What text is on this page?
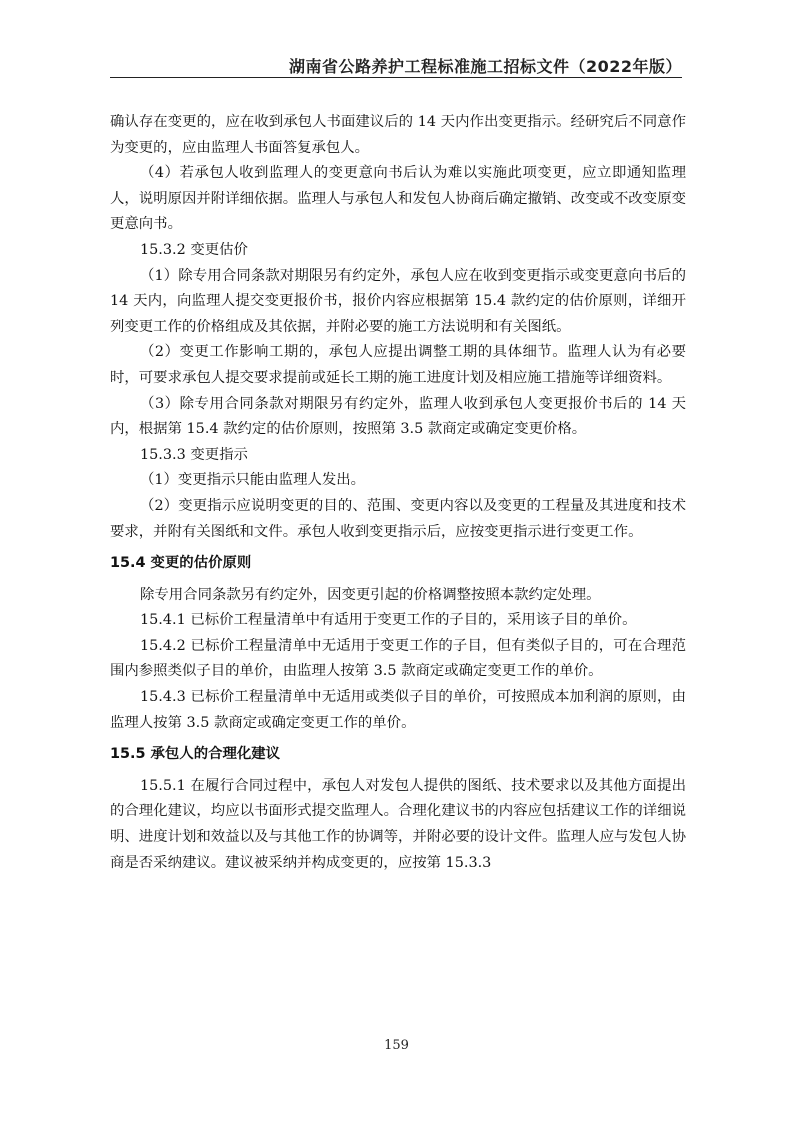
湖南省公路养护工程标准施工招标文件（2022年版）

确认存在变更的，应在收到承包人书面建议后的 14 天内作出变更指示。经研究后不同意作为变更的，应由监理人书面答复承包人。

（4）若承包人收到监理人的变更意向书后认为难以实施此项变更，应立即通知监理人，说明原因并附详细依据。监理人与承包人和发包人协商后确定撤销、改变或不改变原变更意向书。

15.3.2 变更估价

（1）除专用合同条款对期限另有约定外，承包人应在收到变更指示或变更意向书后的 14 天内，向监理人提交变更报价书，报价内容应根据第 15.4 款约定的估价原则，详细开列变更工作的价格组成及其依据，并附必要的施工方法说明和有关图纸。

（2）变更工作影响工期的，承包人应提出调整工期的具体细节。监理人认为有必要时，可要求承包人提交要求提前或延长工期的施工进度计划及相应施工措施等详细资料。

（3）除专用合同条款对期限另有约定外，监理人收到承包人变更报价书后的 14 天内，根据第 15.4 款约定的估价原则，按照第 3.5 款商定或确定变更价格。

15.3.3 变更指示

（1）变更指示只能由监理人发出。

（2）变更指示应说明变更的目的、范围、变更内容以及变更的工程量及其进度和技术要求，并附有关图纸和文件。承包人收到变更指示后，应按变更指示进行变更工作。

15.4 变更的估价原则

除专用合同条款另有约定外，因变更引起的价格调整按照本款约定处理。

15.4.1 已标价工程量清单中有适用于变更工作的子目的，采用该子目的单价。

15.4.2 已标价工程量清单中无适用于变更工作的子目，但有类似子目的，可在合理范围内参照类似子目的单价，由监理人按第 3.5 款商定或确定变更工作的单价。

15.4.3 已标价工程量清单中无适用或类似子目的单价，可按照成本加利润的原则，由监理人按第 3.5 款商定或确定变更工作的单价。

15.5 承包人的合理化建议

15.5.1 在履行合同过程中，承包人对发包人提供的图纸、技术要求以及其他方面提出的合理化建议，均应以书面形式提交监理人。合理化建议书的内容应包括建议工作的详细说明、进度计划和效益以及与其他工作的协调等，并附必要的设计文件。监理人应与发包人协商是否采纳建议。建议被采纳并构成变更的，应按第 15.3.3

159
